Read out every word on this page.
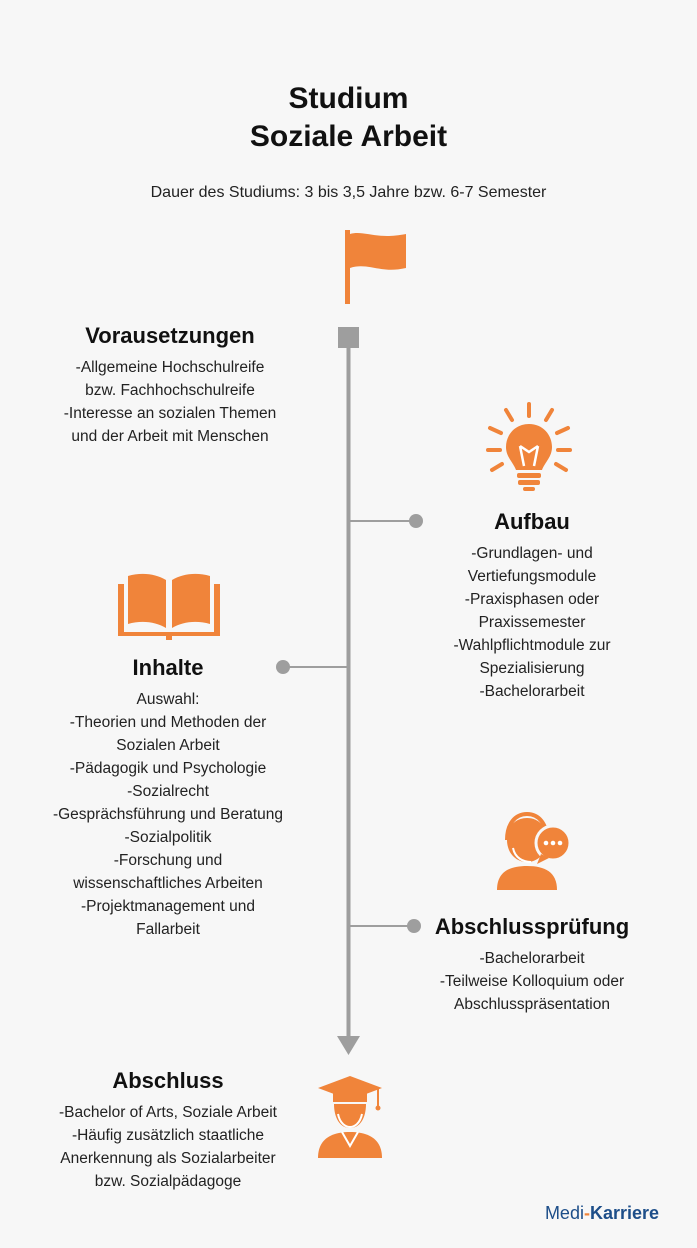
Studium
Soziale Arbeit
Dauer des Studiums: 3 bis 3,5 Jahre bzw. 6-7 Semester
Vorausetzungen
-Allgemeine Hochschulreife
bzw. Fachhochschulreife
-Interesse an sozialen Themen
und der Arbeit mit Menschen
Aufbau
-Grundlagen- und
Vertiefungsmodule
-Praxisphasen oder
Praxissemester
-Wahlpflichtmodule zur
Spezialisierung
-Bachelorarbeit
Inhalte
Auswahl:
-Theorien und Methoden der
Sozialen Arbeit
-Pädagogik und Psychologie
-Sozialrecht
-Gesprächsführung und Beratung
-Sozialpolitik
-Forschung und
wissenschaftliches Arbeiten
-Projektmanagement und
Fallarbeit	Abschlussprüfung
-Bachelorarbeit
-Teilweise Kolloquium oder
Abschlusspräsentation
Abschluss
-Bachelor of Arts, Soziale Arbeit
-Häufig zusätzlich staatliche
Anerkennung als Sozialarbeiter
bzw. Sozialpädagoge
Medi-Karriere
